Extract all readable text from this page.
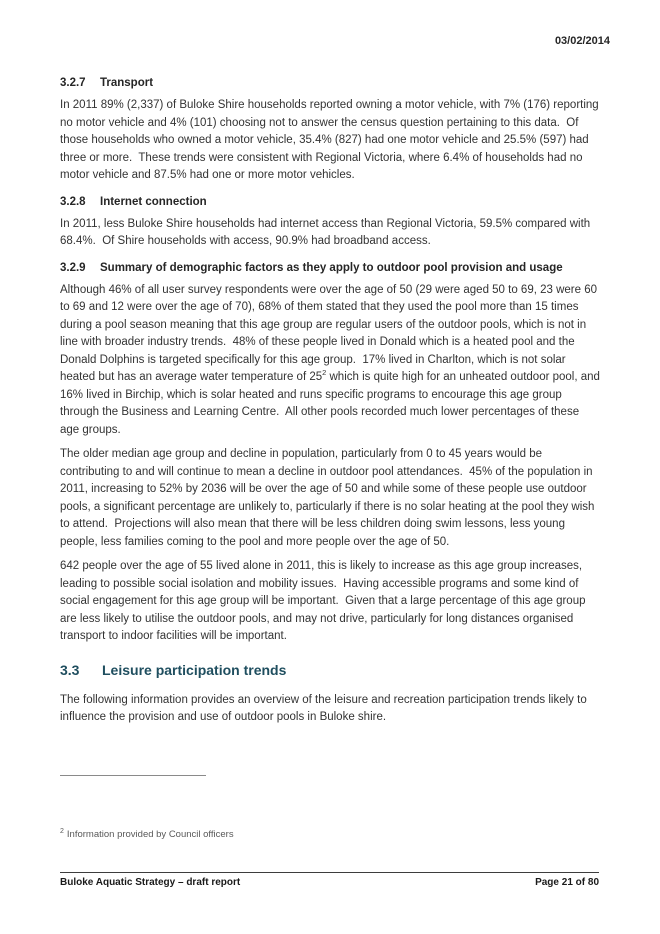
03/02/2014
3.2.7	Transport

In 2011 89% (2,337) of Buloke Shire households reported owning a motor vehicle, with 7% (176) reporting no motor vehicle and 4% (101) choosing not to answer the census question pertaining to this data.  Of those households who owned a motor vehicle, 35.4% (827) had one motor vehicle and 25.5% (597) had three or more.  These trends were consistent with Regional Victoria, where 6.4% of households had no motor vehicle and 87.5% had one or more motor vehicles.

3.2.8	Internet connection

In 2011, less Buloke Shire households had internet access than Regional Victoria, 59.5% compared with 68.4%.  Of Shire households with access, 90.9% had broadband access.

3.2.9	Summary of demographic factors as they apply to outdoor pool provision and usage

Although 46% of all user survey respondents were over the age of 50 (29 were aged 50 to 69, 23 were 60 to 69 and 12 were over the age of 70), 68% of them stated that they used the pool more than 15 times during a pool season meaning that this age group are regular users of the outdoor pools, which is not in line with broader industry trends.  48% of these people lived in Donald which is a heated pool and the Donald Dolphins is targeted specifically for this age group.  17% lived in Charlton, which is not solar heated but has an average water temperature of 25$^2$ which is quite high for an unheated outdoor pool, and 16% lived in Birchip, which is solar heated and runs specific programs to encourage this age group through the Business and Learning Centre.  All other pools recorded much lower percentages of these age groups.

The older median age group and decline in population, particularly from 0 to 45 years would be contributing to and will continue to mean a decline in outdoor pool attendances.  45% of the population in 2011, increasing to 52% by 2036 will be over the age of 50 and while some of these people use outdoor pools, a significant percentage are unlikely to, particularly if there is no solar heating at the pool they wish to attend.  Projections will also mean that there will be less children doing swim lessons, less young people, less families coming to the pool and more people over the age of 50.

642 people over the age of 55 lived alone in 2011, this is likely to increase as this age group increases, leading to possible social isolation and mobility issues.  Having accessible programs and some kind of social engagement for this age group will be important.  Given that a large percentage of this age group are less likely to utilise the outdoor pools, and may not drive, particularly for long distances organised transport to indoor facilities will be important.

3.3	Leisure participation trends

The following information provides an overview of the leisure and recreation participation trends likely to influence the provision and use of outdoor pools in Buloke shire.

$^2$ Information provided by Council officers
Buloke Aquatic Strategy – draft report	Page 21 of 80
